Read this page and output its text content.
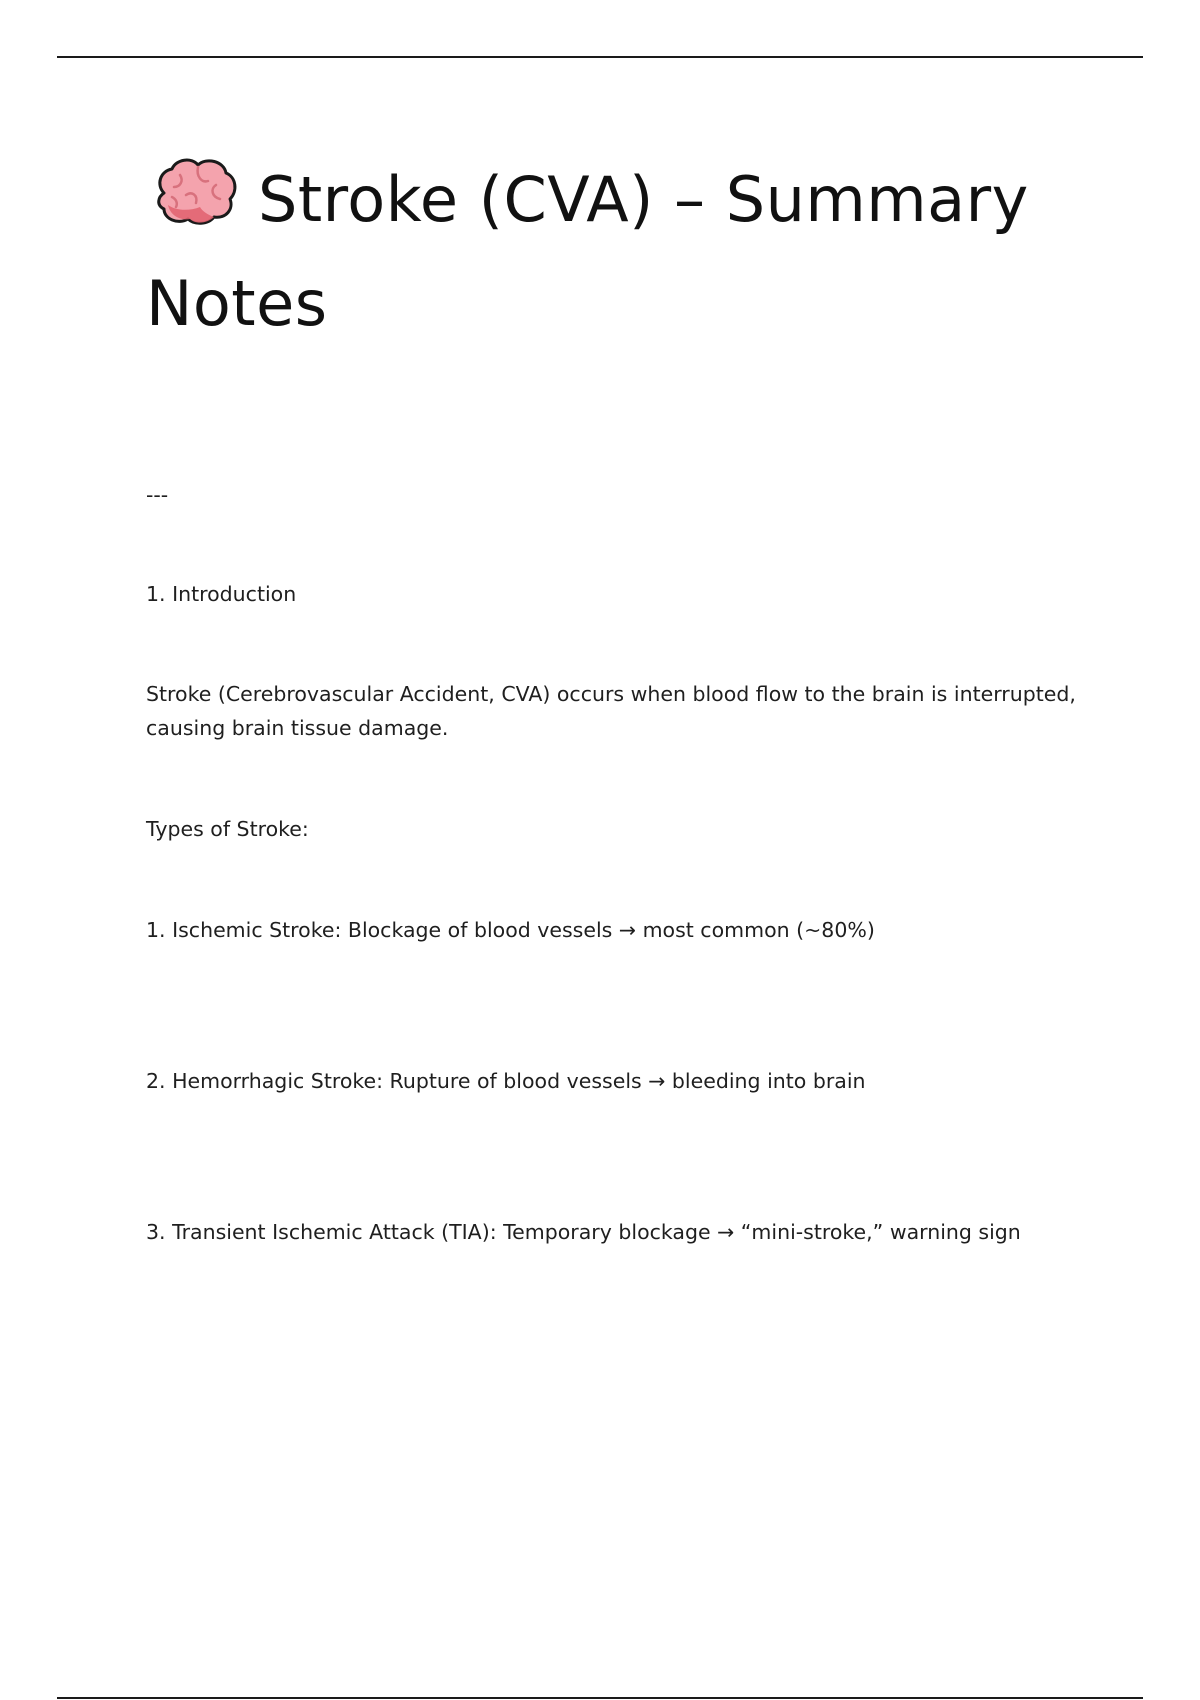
Stroke (CVA) – Summary Notes

---

1. Introduction

Stroke (Cerebrovascular Accident, CVA) occurs when blood flow to the brain is interrupted, causing brain tissue damage.

Types of Stroke:

1. Ischemic Stroke: Blockage of blood vessels → most common (~80%)

2. Hemorrhagic Stroke: Rupture of blood vessels → bleeding into brain

3. Transient Ischemic Attack (TIA): Temporary blockage → “mini-stroke,” warning sign
